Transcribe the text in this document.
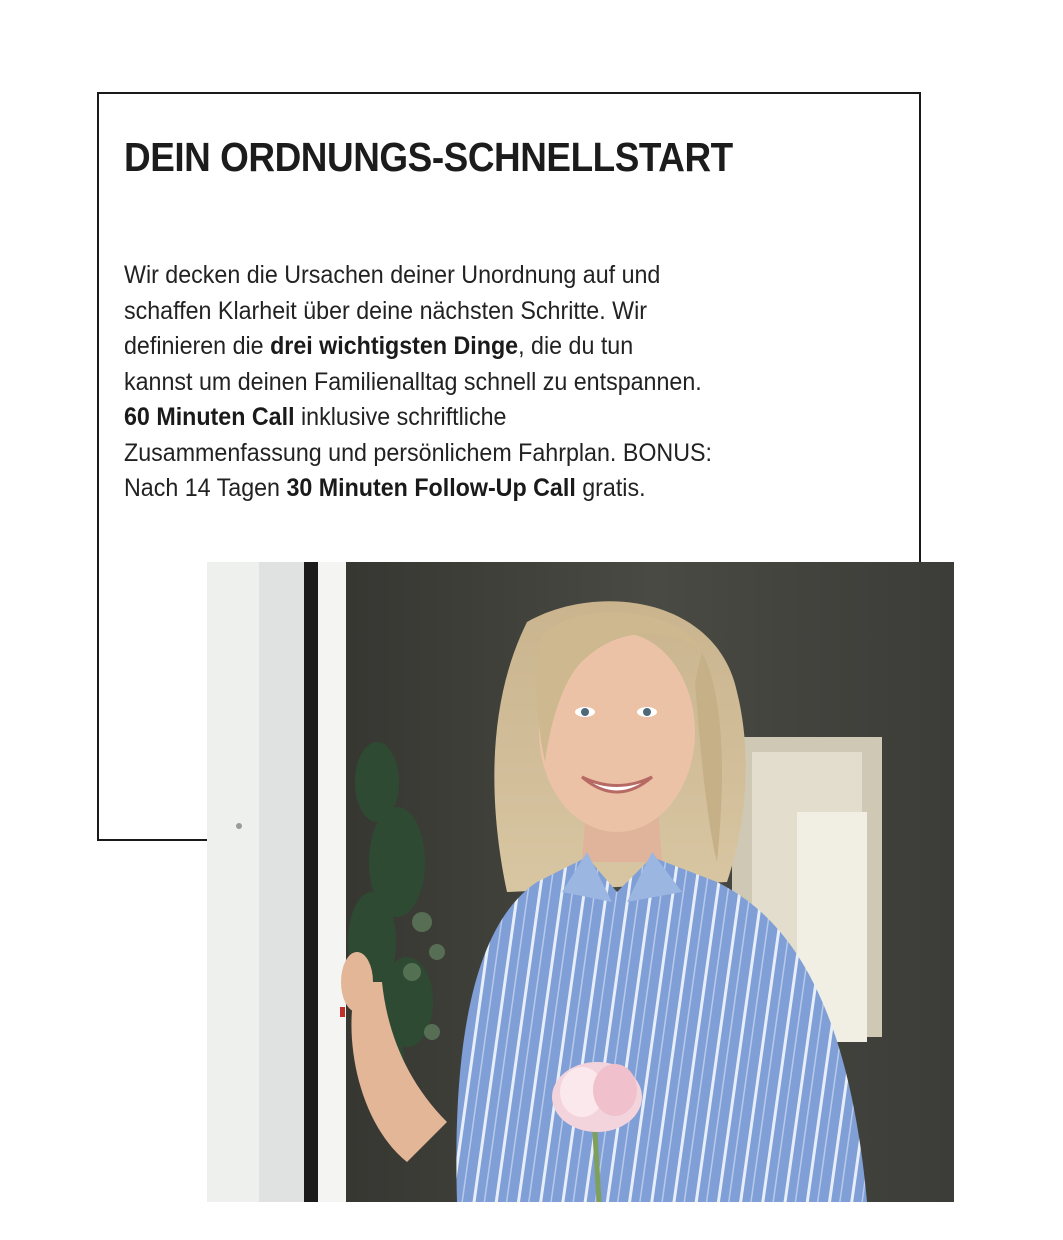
DEIN ORDNUNGS-SCHNELLSTART

Wir decken die Ursachen deiner Unordnung auf und
schaffen Klarheit über deine nächsten Schritte. Wir
definieren die drei wichtigsten Dinge, die du tun
kannst um deinen Familienalltag schnell zu entspannen.
60 Minuten Call inklusive schriftliche
Zusammenfassung und persönlichem Fahrplan. BONUS:
Nach 14 Tagen 30 Minuten Follow-Up Call gratis.
